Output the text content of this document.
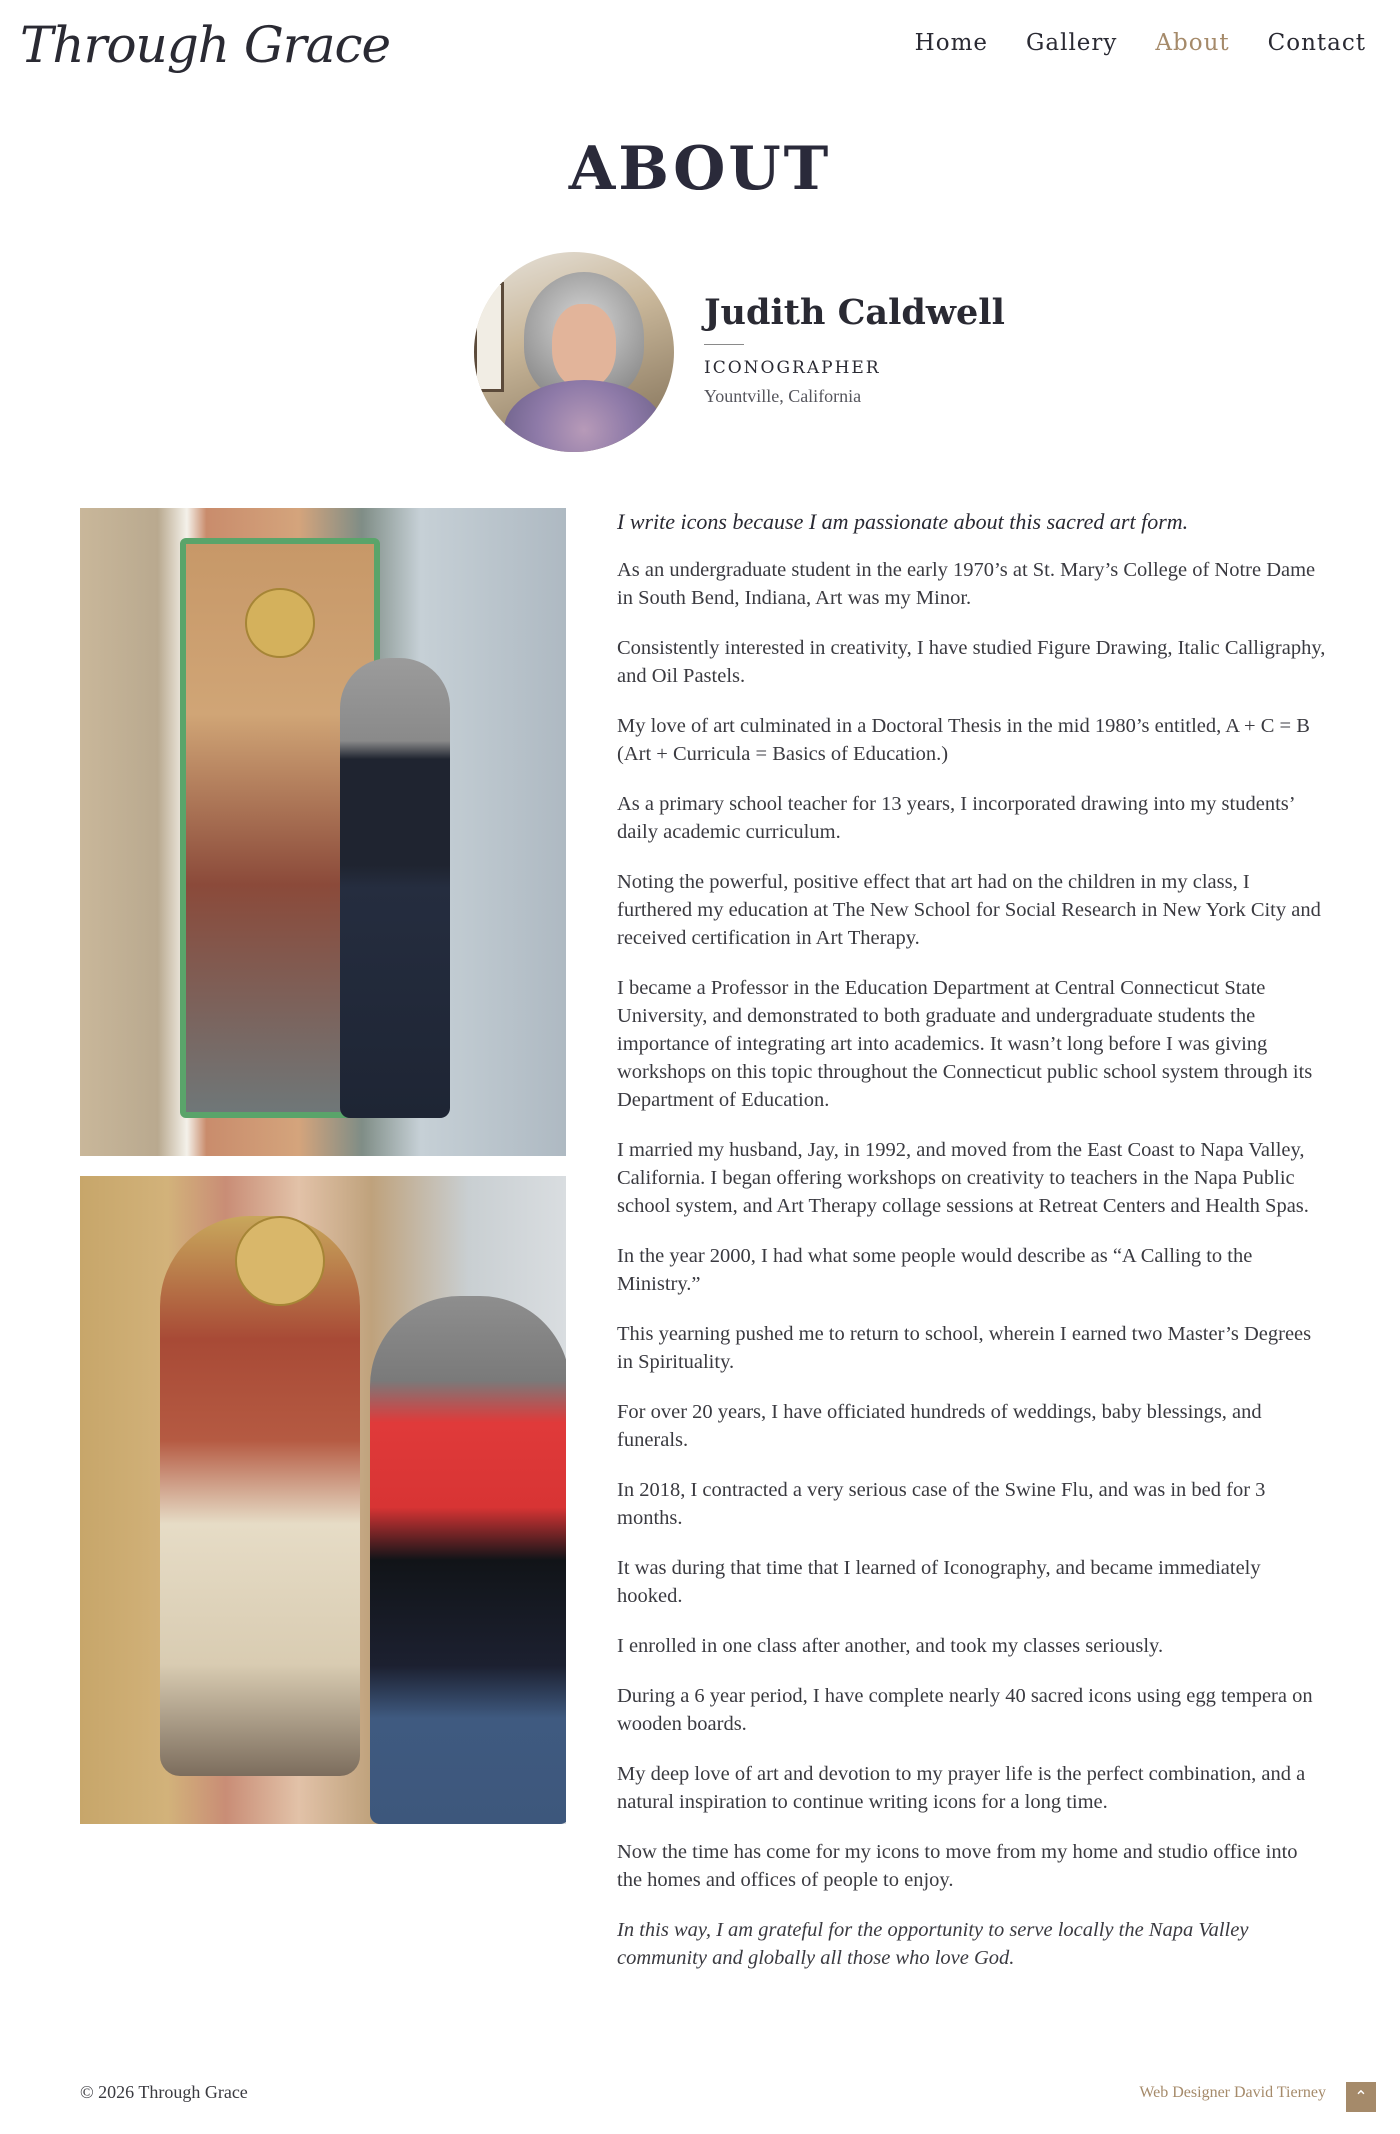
Through Grace	Home Gallery About Contact
ABOUT
Judith Caldwell
ICONOGRAPHER
Yountville, California

I write icons because I am passionate about this sacred art form.

As an undergraduate student in the early 1970’s at St. Mary’s College of Notre Dame in South Bend, Indiana, Art was my Minor.

Consistently interested in creativity, I have studied Figure Drawing, Italic Calligraphy, and Oil Pastels.

My love of art culminated in a Doctoral Thesis in the mid 1980’s entitled, A + C = B (Art + Curricula = Basics of Education.)

As a primary school teacher for 13 years, I incorporated drawing into my students’ daily academic curriculum.

Noting the powerful, positive effect that art had on the children in my class, I furthered my education at The New School for Social Research in New York City and received certification in Art Therapy.

I became a Professor in the Education Department at Central Connecticut State University, and demonstrated to both graduate and undergraduate students the importance of integrating art into academics. It wasn’t long before I was giving workshops on this topic throughout the Connecticut public school system through its Department of Education.

I married my husband, Jay, in 1992, and moved from the East Coast to Napa Valley, California. I began offering workshops on creativity to teachers in the Napa Public school system, and Art Therapy collage sessions at Retreat Centers and Health Spas.

In the year 2000, I had what some people would describe as “A Calling to the Ministry.”

This yearning pushed me to return to school, wherein I earned two Master’s Degrees in Spirituality.

For over 20 years, I have officiated hundreds of weddings, baby blessings, and funerals.

In 2018, I contracted a very serious case of the Swine Flu, and was in bed for 3 months.

It was during that time that I learned of Iconography, and became immediately hooked.

I enrolled in one class after another, and took my classes seriously.

During a 6 year period, I have complete nearly 40 sacred icons using egg tempera on wooden boards.

My deep love of art and devotion to my prayer life is the perfect combination, and a natural inspiration to continue writing icons for a long time.

Now the time has come for my icons to move from my home and studio office into the homes and offices of people to enjoy.

In this way, I am grateful for the opportunity to serve locally the Napa Valley community and globally all those who love God.

© 2026 Through Grace	Web Designer David Tierney ⌃
